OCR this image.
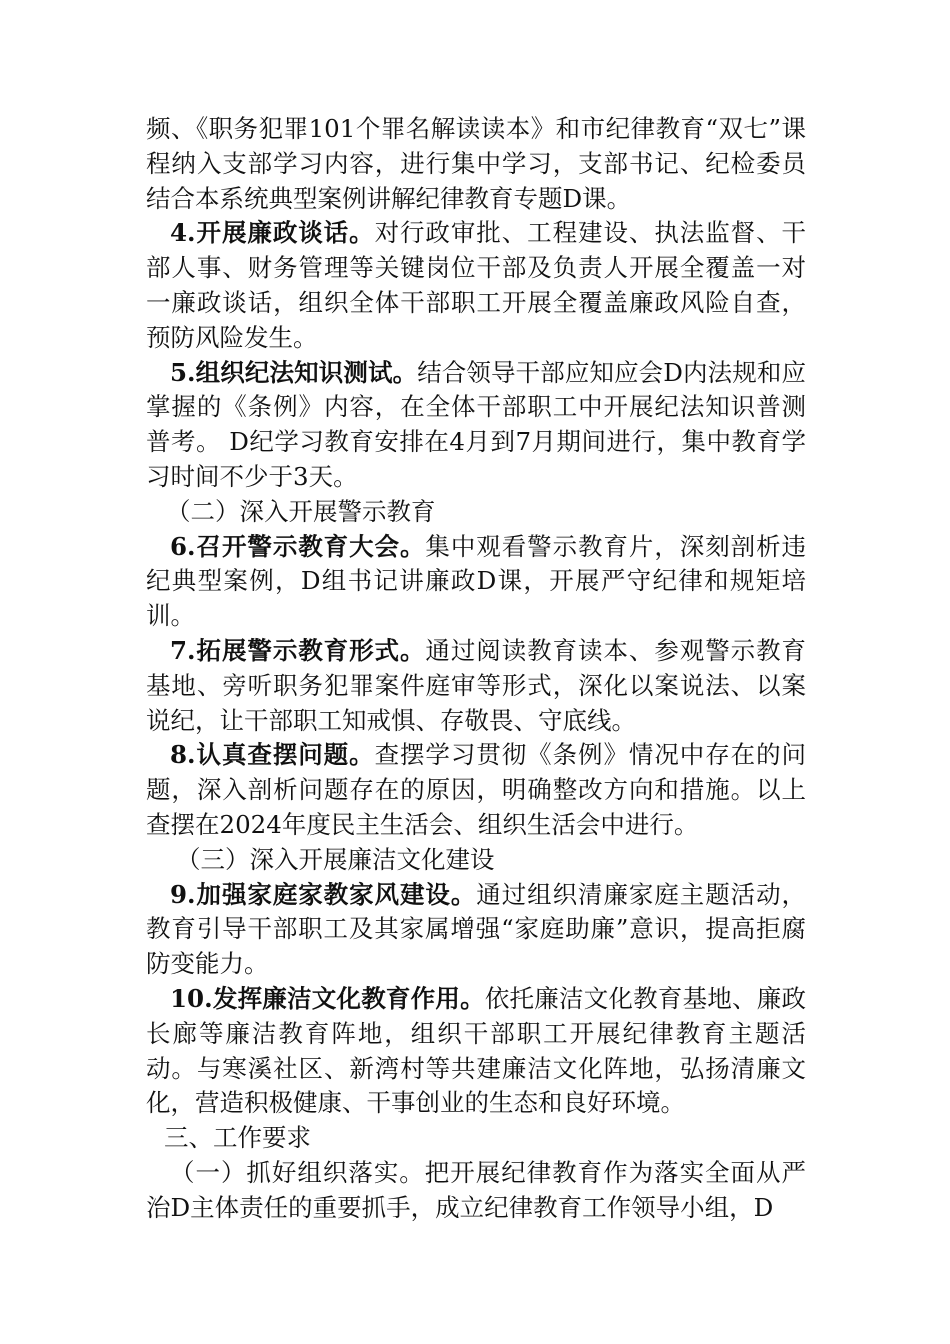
频、《职务犯罪101个罪名解读读本》和市纪律教育“双七”课程纳入支部学习内容，进行集中学习，支部书记、纪检委员结合本系统典型案例讲解纪律教育专题D课。

4.开展廉政谈话。对行政审批、工程建设、执法监督、干部人事、财务管理等关键岗位干部及负责人开展全覆盖一对一廉政谈话，组织全体干部职工开展全覆盖廉政风险自查，预防风险发生。

5.组织纪法知识测试。结合领导干部应知应会D内法规和应掌握的《条例》内容，在全体干部职工中开展纪法知识普测普考。 D纪学习教育安排在4月到7月期间进行，集中教育学习时间不少于3天。

（二）深入开展警示教育

6.召开警示教育大会。集中观看警示教育片，深刻剖析违纪典型案例，D组书记讲廉政D课，开展严守纪律和规矩培训。

7.拓展警示教育形式。通过阅读教育读本、参观警示教育基地、旁听职务犯罪案件庭审等形式，深化以案说法、以案说纪，让干部职工知戒惧、存敬畏、守底线。

8.认真查摆问题。查摆学习贯彻《条例》情况中存在的问题，深入剖析问题存在的原因，明确整改方向和措施。以上查摆在2024年度民主生活会、组织生活会中进行。

（三）深入开展廉洁文化建设

9.加强家庭家教家风建设。通过组织清廉家庭主题活动，教育引导干部职工及其家属增强“家庭助廉”意识，提高拒腐防变能力。

10.发挥廉洁文化教育作用。依托廉洁文化教育基地、廉政长廊等廉洁教育阵地，组织干部职工开展纪律教育主题活动。与寒溪社区、新湾村等共建廉洁文化阵地，弘扬清廉文化，营造积极健康、干事创业的生态和良好环境。

三、工作要求

（一）抓好组织落实。把开展纪律教育作为落实全面从严治D主体责任的重要抓手，成立纪律教育工作领导小组，D
